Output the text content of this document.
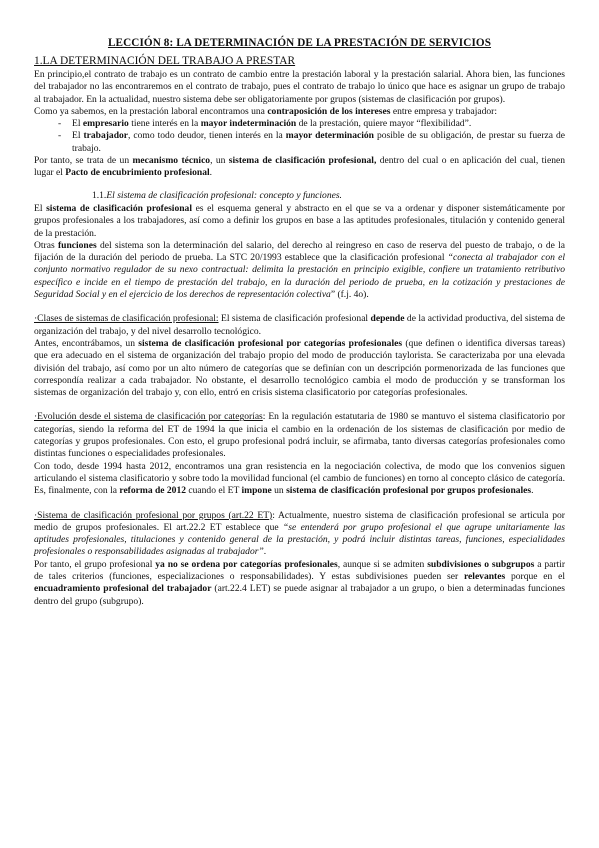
LECCIÓN 8: LA DETERMINACIÓN DE LA PRESTACIÓN DE SERVICIOS
1.LA DETERMINACIÓN DEL TRABAJO A PRESTAR

En principio,el contrato de trabajo es un contrato de cambio entre la prestación laboral y la prestación salarial. Ahora bien, las funciones del trabajador no las encontraremos en el contrato de trabajo, pues el contrato de trabajo lo único que hace es asignar un grupo de trabajo al trabajador. En la actualidad, nuestro sistema debe ser obligatoriamente por grupos (sistemas de clasificación por grupos).

Como ya sabemos, en la prestación laboral encontramos una contraposición de los intereses entre empresa y trabajador:

- El empresario tiene interés en la mayor indeterminación de la prestación, quiere mayor “flexibilidad”.
- El trabajador, como todo deudor, tienen interés en la mayor determinación posible de su obligación, de prestar su fuerza de trabajo.

Por tanto, se trata de un mecanismo técnico, un sistema de clasificación profesional, dentro del cual o en aplicación del cual, tienen lugar el Pacto de encubrimiento profesional.

1.1.El sistema de clasificación profesional: concepto y funciones.

El sistema de clasificación profesional es el esquema general y abstracto en el que se va a ordenar y disponer sistemáticamente por grupos profesionales a los trabajadores, así como a definir los grupos en base a las aptitudes profesionales, titulación y contenido general de la prestación.

Otras funciones del sistema son la determinación del salario, del derecho al reingreso en caso de reserva del puesto de trabajo, o de la fijación de la duración del periodo de prueba. La STC 20/1993 establece que la clasificación profesional “conecta al trabajador con el conjunto normativo regulador de su nexo contractual: delimita la prestación en principio exigible, confiere un tratamiento retributivo específico e incide en el tiempo de prestación del trabajo, en la duración del periodo de prueba, en la cotización y prestaciones de Seguridad Social y en el ejercicio de los derechos de representación colectiva” (f.j. 4o).

·Clases de sistemas de clasificación profesional: El sistema de clasificación profesional depende de la actividad productiva, del sistema de organización del trabajo, y del nivel desarrollo tecnológico.

Antes, encontrábamos, un sistema de clasificación profesional por categorías profesionales (que definen o identifica diversas tareas) que era adecuado en el sistema de organización del trabajo propio del modo de producción taylorista. Se caracterizaba por una elevada división del trabajo, así como por un alto número de categorías que se definían con un descripción pormenorizada de las funciones que correspondía realizar a cada trabajador. No obstante, el desarrollo tecnológico cambia el modo de producción y se transforman los sistemas de organización del trabajo y, con ello, entró en crisis sistema clasificatorio por categorías profesionales.

·Evolución desde el sistema de clasificación por categorías: En la regulación estatutaria de 1980 se mantuvo el sistema clasificatorio por categorías, siendo la reforma del ET de 1994 la que inicia el cambio en la ordenación de los sistemas de clasificación por medio de categorías y grupos profesionales. Con esto, el grupo profesional podrá incluir, se afirmaba, tanto diversas categorías profesionales como distintas funciones o especialidades profesionales.

Con todo, desde 1994 hasta 2012, encontramos una gran resistencia en la negociación colectiva, de modo que los convenios siguen articulando el sistema clasificatorio y sobre todo la movilidad funcional (el cambio de funciones) en torno al concepto clásico de categoría. Es, finalmente, con la reforma de 2012 cuando el ET impone un sistema de clasificación profesional por grupos profesionales.

·Sistema de clasificación profesional por grupos (art.22 ET): Actualmente, nuestro sistema de clasificación profesional se articula por medio de grupos profesionales. El art.22.2 ET establece que “se entenderá por grupo profesional el que agrupe unitariamente las aptitudes profesionales, titulaciones y contenido general de la prestación, y podrá incluir distintas tareas, funciones, especialidades profesionales o responsabilidades asignadas al trabajador”.

Por tanto, el grupo profesional ya no se ordena por categorías profesionales, aunque si se admiten subdivisiones o subgrupos a partir de tales criterios (funciones, especializaciones o responsabilidades). Y estas subdivisiones pueden ser relevantes porque en el encuadramiento profesional del trabajador (art.22.4 LET) se puede asignar al trabajador a un grupo, o bien a determinadas funciones dentro del grupo (subgrupo).
